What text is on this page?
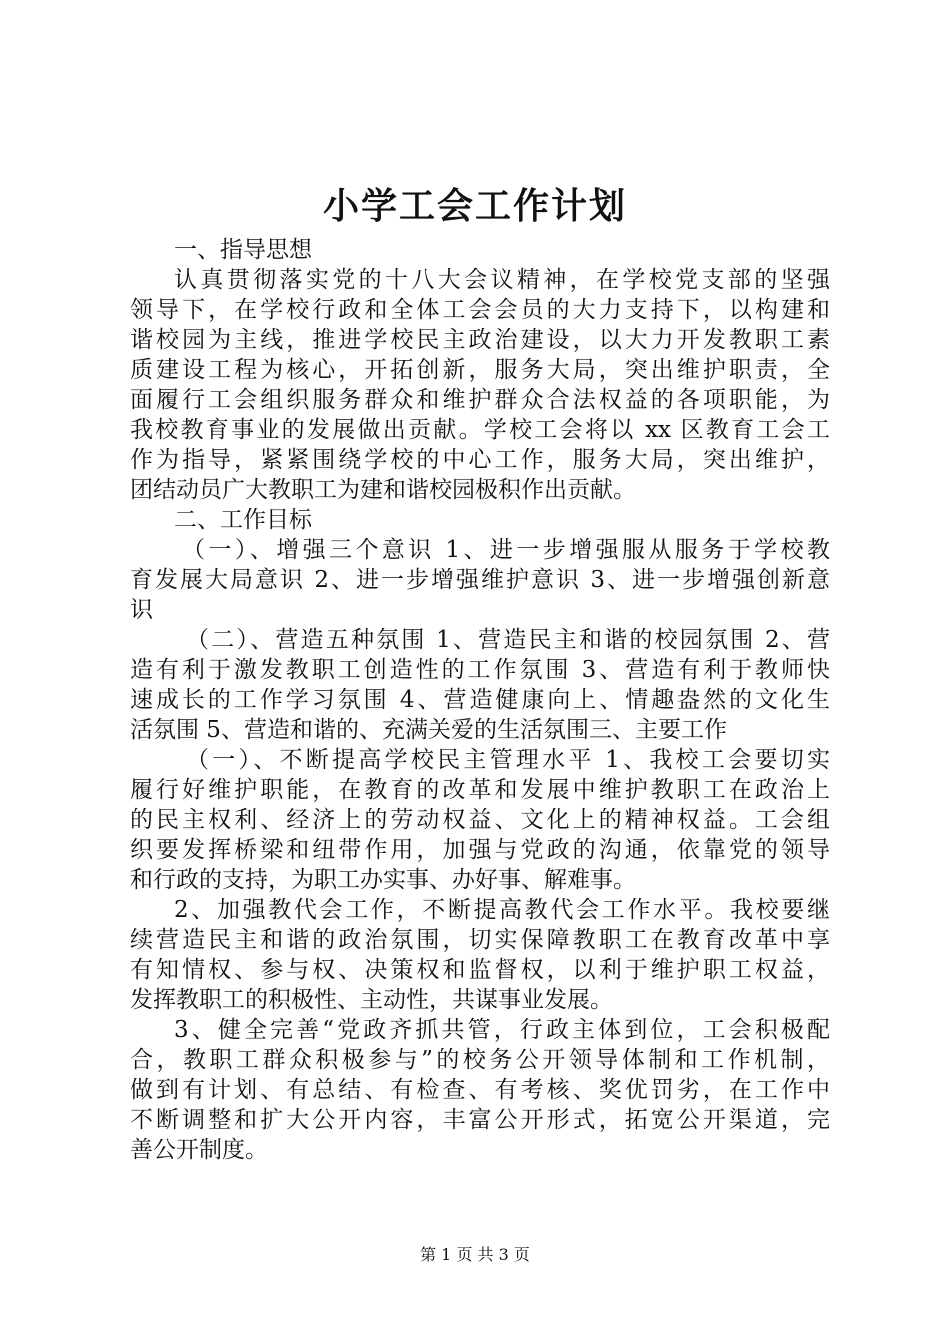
小学工会工作计划
一、指导思想
认真贯彻落实党的十八大会议精神，在学校党支部的坚强
领导下，在学校行政和全体工会会员的大力支持下，以构建和
谐校园为主线，推进学校民主政治建设，以大力开发教职工素
质建设工程为核心，开拓创新，服务大局，突出维护职责，全
面履行工会组织服务群众和维护群众合法权益的各项职能，为
我校教育事业的发展做出贡献。学校工会将以 xx 区教育工会工
作为指导，紧紧围绕学校的中心工作，服务大局，突出维护，
团结动员广大教职工为建和谐校园极积作出贡献。
二、工作目标
（一）、增强三个意识 1、进一步增强服从服务于学校教
育发展大局意识 2、进一步增强维护意识 3、进一步增强创新意
识
（二）、营造五种氛围 1、营造民主和谐的校园氛围 2、营
造有利于激发教职工创造性的工作氛围 3、营造有利于教师快
速成长的工作学习氛围 4、营造健康向上、情趣盎然的文化生
活氛围 5、营造和谐的、充满关爱的生活氛围三、主要工作
（一）、不断提高学校民主管理水平 1、我校工会要切实
履行好维护职能，在教育的改革和发展中维护教职工在政治上
的民主权利、经济上的劳动权益、文化上的精神权益。工会组
织要发挥桥梁和纽带作用，加强与党政的沟通，依靠党的领导
和行政的支持，为职工办实事、办好事、解难事。
2、加强教代会工作，不断提高教代会工作水平。我校要继
续营造民主和谐的政治氛围，切实保障教职工在教育改革中享
有知情权、参与权、决策权和监督权，以利于维护职工权益，
发挥教职工的积极性、主动性，共谋事业发展。
3、健全完善“党政齐抓共管，行政主体到位，工会积极配
合，教职工群众积极参与”的校务公开领导体制和工作机制，
做到有计划、有总结、有检查、有考核、奖优罚劣，在工作中
不断调整和扩大公开内容，丰富公开形式，拓宽公开渠道，完
善公开制度。
第 1 页 共 3 页
